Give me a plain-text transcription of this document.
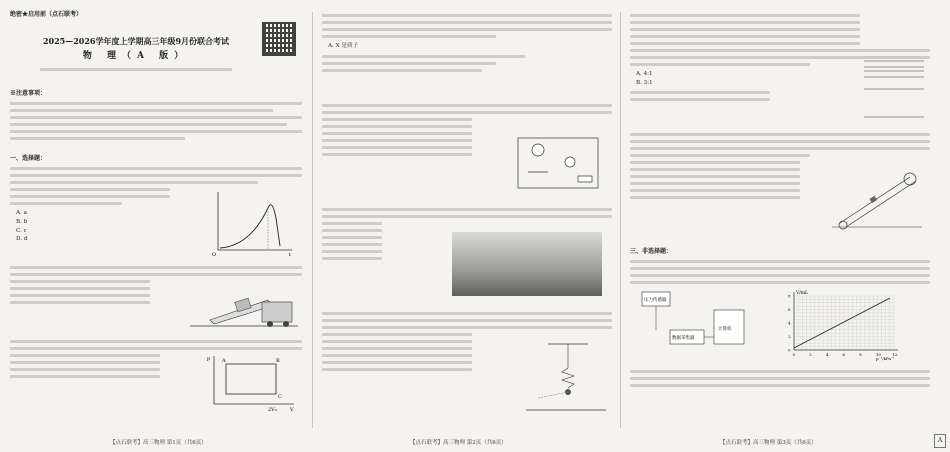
绝密★启用前（点石联考）
2025—2026学年度上学期高三年级9月份联合考试
物 理（A 版）
※注意事项：
一、选择题：
A. a
B. b
C. c
D. d
O	t
p
V
A	B
C
2V₀
A. X 是质子
A. 4:1
B. 3:1
三、非选择题：
压力传感器
数据采集器
计算机
V/mL
p⁻¹/kPa⁻¹
0	2	4	6	8	10	12
0
2
4
6
8
【点石联考】高三物理 第1页（共6页）	【点石联考】高三物理 第2页（共6页）	【点石联考】高三物理 第3页（共6页）	A
